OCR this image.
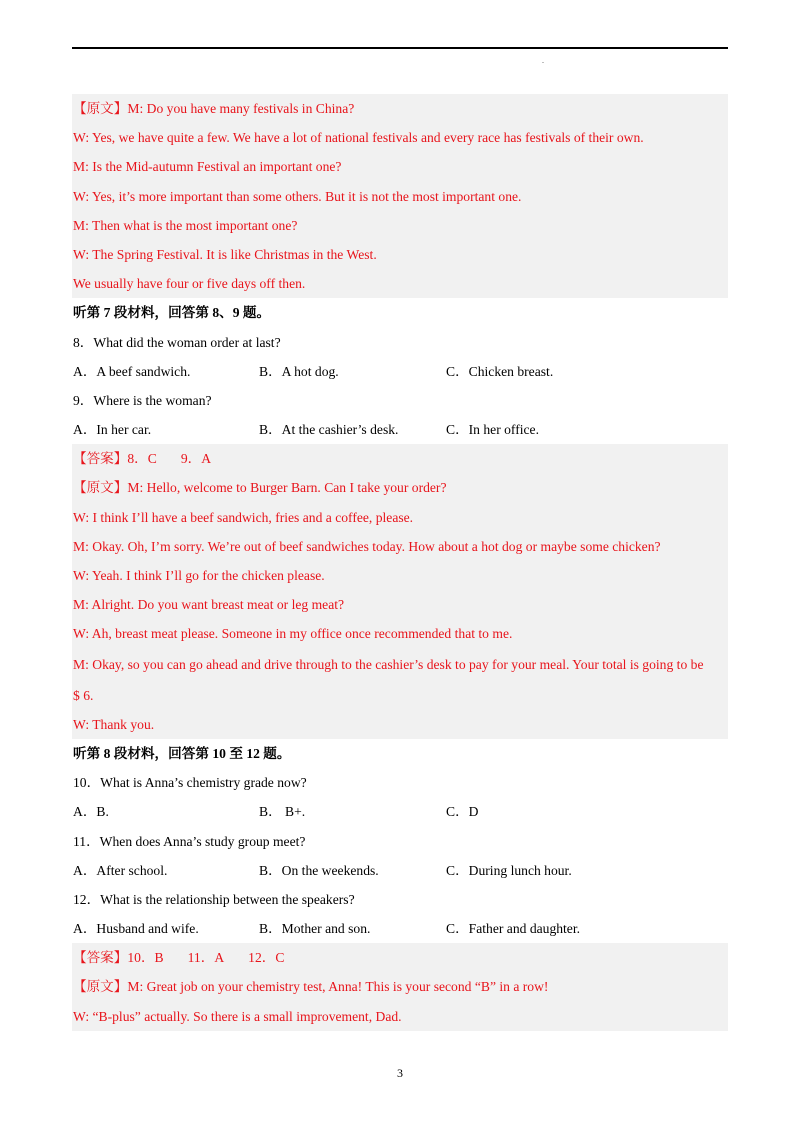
.
【原文】M: Do you have many festivals in China?
W: Yes, we have quite a few. We have a lot of national festivals and every race has festivals of their own.
M: Is the Mid-autumn Festival an important one?
W: Yes, it’s more important than some others. But it is not the most important one.
M: Then what is the most important one?
W: The Spring Festival. It is like Christmas in the West.
We usually have four or five days off then.
听第 7 段材料，回答第 8、9 题。
8．What did the woman order at last?
A．A beef sandwich.	B．A hot dog.	C．Chicken breast.
9．Where is the woman?
A．In her car.	B．At the cashier’s desk.	C．In her office.
【答案】8．C 9．A
【原文】M: Hello, welcome to Burger Barn. Can I take your order?
W: I think I’ll have a beef sandwich, fries and a coffee, please.
M: Okay. Oh, I’m sorry. We’re out of beef sandwiches today. How about a hot dog or maybe some chicken?
W: Yeah. I think I’ll go for the chicken please.
M: Alright. Do you want breast meat or leg meat?
W: Ah, breast meat please. Someone in my office once recommended that to me.
M: Okay, so you can go ahead and drive through to the cashier’s desk to pay for your meal. Your total is going to be
$ 6.
W: Thank you.
听第 8 段材料，回答第 10 至 12 题。
10．What is Anna’s chemistry grade now?
A．B.	B． B+.	C．D
11．When does Anna’s study group meet?
A．After school.	B．On the weekends.	C．During lunch hour.
12．What is the relationship between the speakers?
A．Husband and wife.	B．Mother and son.	C．Father and daughter.
【答案】10．B 11．A 12．C
【原文】M: Great job on your chemistry test, Anna! This is your second “B” in a row!
W: “B-plus” actually. So there is a small improvement, Dad.
3
